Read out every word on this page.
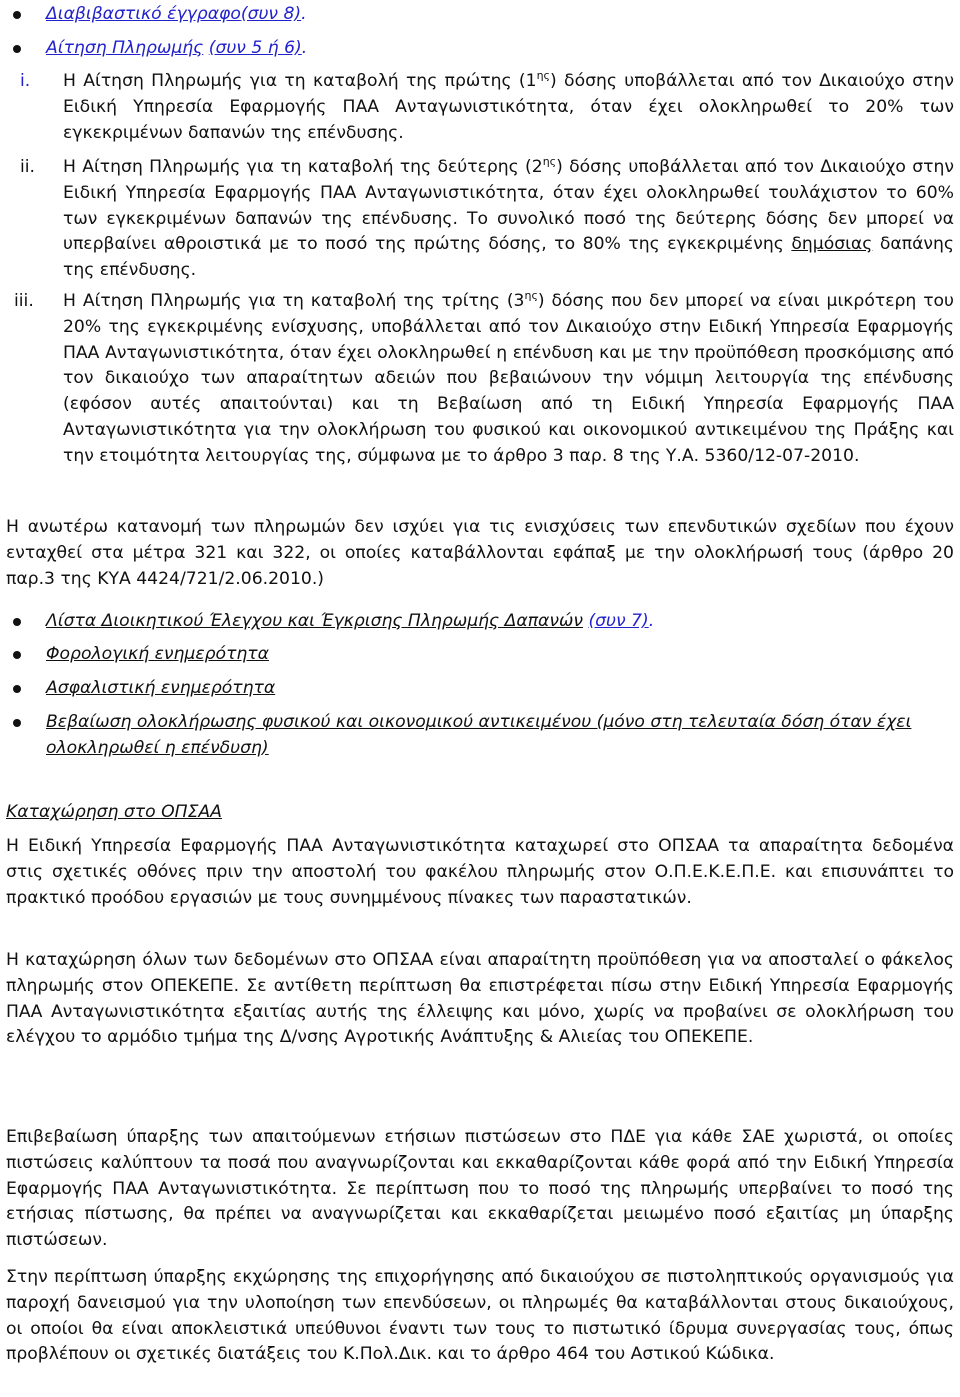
Διαβιβαστικό έγγραφο(συν 8).
Αίτηση Πληρωμής (συν 5 ή 6).
i. Η Αίτηση Πληρωμής για τη καταβολή της πρώτης $(1^{\eta\varsigma})$ δόσης υποβάλλεται από τον Δικαιούχο στην Ειδική Υπηρεσία Εφαρμογής ΠΑΑ Ανταγωνιστικότητα, όταν έχει ολοκληρωθεί το 20% των εγκεκριμένων δαπανών της επένδυσης.
ii. Η Αίτηση Πληρωμής για τη καταβολή της δεύτερης $(2^{\eta\varsigma})$ δόσης υποβάλλεται από τον Δικαιούχο στην Ειδική Υπηρεσία Εφαρμογής ΠΑΑ Ανταγωνιστικότητα, όταν έχει ολοκληρωθεί τουλάχιστον το 60% των εγκεκριμένων δαπανών της επένδυσης. Το συνολικό ποσό της δεύτερης δόσης δεν μπορεί να υπερβαίνει αθροιστικά με το ποσό της πρώτης δόσης, το 80% της εγκεκριμένης δημόσιας δαπάνης της επένδυσης.
iii. Η Αίτηση Πληρωμής για τη καταβολή της τρίτης $(3^{\eta\varsigma})$ δόσης που δεν μπορεί να είναι μικρότερη του 20% της εγκεκριμένης ενίσχυσης, υποβάλλεται από τον Δικαιούχο στην Ειδική Υπηρεσία Εφαρμογής ΠΑΑ Ανταγωνιστικότητα, όταν έχει ολοκληρωθεί η επένδυση και με την προϋπόθεση προσκόμισης από τον δικαιούχο των απαραίτητων αδειών που βεβαιώνουν την νόμιμη λειτουργία της επένδυσης (εφόσον αυτές απαιτούνται) και τη Βεβαίωση από τη Ειδική Υπηρεσία Εφαρμογής ΠΑΑ Ανταγωνιστικότητα για την ολοκλήρωση του φυσικού και οικονομικού αντικειμένου της Πράξης και την ετοιμότητα λειτουργίας της, σύμφωνα με το άρθρο 3 παρ. 8 της Υ.Α. 5360/12-07-2010.
Η ανωτέρω κατανομή των πληρωμών δεν ισχύει για τις ενισχύσεις των επενδυτικών σχεδίων που έχουν ενταχθεί στα μέτρα 321 και 322, οι οποίες καταβάλλονται εφάπαξ με την ολοκλήρωσή τους (άρθρο 20 παρ.3 της ΚΥΑ 4424/721/2.06.2010.)
Λίστα Διοικητικού Έλεγχου και Έγκρισης Πληρωμής Δαπανών (συν 7).
Φορολογική ενημερότητα
Ασφαλιστική ενημερότητα
Βεβαίωση ολοκλήρωσης φυσικού και οικονομικού αντικειμένου (μόνο στη τελευταία δόση όταν έχει ολοκληρωθεί η επένδυση)
Καταχώρηση στο ΟΠΣΑΑ
Η Ειδική Υπηρεσία Εφαρμογής ΠΑΑ Ανταγωνιστικότητα καταχωρεί στο ΟΠΣΑΑ τα απαραίτητα δεδομένα στις σχετικές οθόνες πριν την αποστολή του φακέλου πληρωμής στον Ο.Π.Ε.Κ.Ε.Π.Ε. και επισυνάπτει το πρακτικό προόδου εργασιών με τους συνημμένους πίνακες των παραστατικών.
Η καταχώρηση όλων των δεδομένων στο ΟΠΣΑΑ είναι απαραίτητη προϋπόθεση για να αποσταλεί ο φάκελος πληρωμής στον ΟΠΕΚΕΠΕ. Σε αντίθετη περίπτωση θα επιστρέφεται πίσω στην Ειδική Υπηρεσία Εφαρμογής ΠΑΑ Ανταγωνιστικότητα εξαιτίας αυτής της έλλειψης και μόνο, χωρίς να προβαίνει σε ολοκλήρωση του ελέγχου το αρμόδιο τμήμα της Δ/νσης Αγροτικής Ανάπτυξης & Αλιείας του ΟΠΕΚΕΠΕ.
Επιβεβαίωση ύπαρξης των απαιτούμενων ετήσιων πιστώσεων στο ΠΔΕ για κάθε ΣΑΕ χωριστά, οι οποίες πιστώσεις καλύπτουν τα ποσά που αναγνωρίζονται και εκκαθαρίζονται κάθε φορά από την Ειδική Υπηρεσία Εφαρμογής ΠΑΑ Ανταγωνιστικότητα. Σε περίπτωση που το ποσό της πληρωμής υπερβαίνει το ποσό της ετήσιας πίστωσης, θα πρέπει να αναγνωρίζεται και εκκαθαρίζεται μειωμένο ποσό εξαιτίας μη ύπαρξης πιστώσεων.
Στην περίπτωση ύπαρξης εκχώρησης της επιχορήγησης από δικαιούχου σε πιστοληπτικούς οργανισμούς για παροχή δανεισμού για την υλοποίηση των επενδύσεων, οι πληρωμές θα καταβάλλονται στους δικαιούχους, οι οποίοι θα είναι αποκλειστικά υπεύθυνοι έναντι των τους το πιστωτικό ίδρυμα συνεργασίας τους, όπως προβλέπουν οι σχετικές διατάξεις του Κ.Πολ.Δικ. και το άρθρο 464 του Αστικού Κώδικα.
